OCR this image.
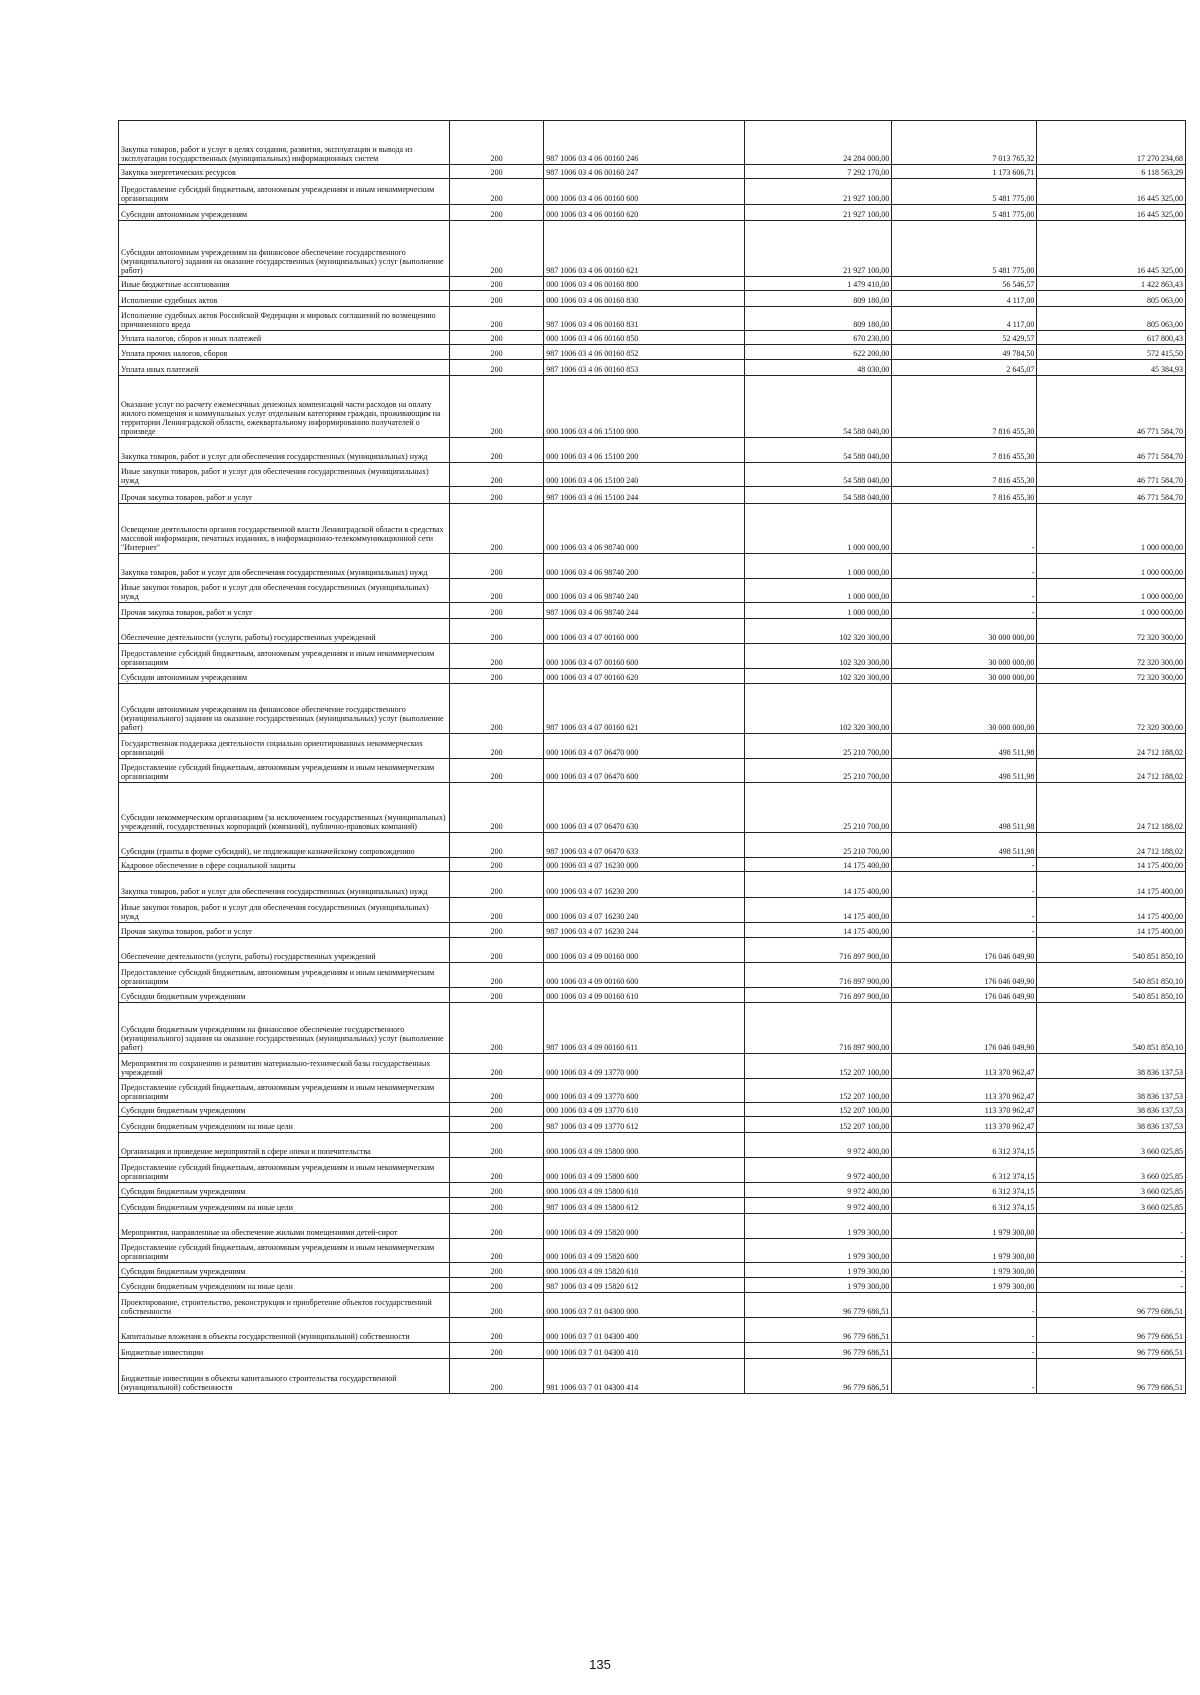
Закупка товаров, работ и услуг в целях создания, развития, эксплуатации и вывода из эксплуатации государственных (муниципальных) информационных систем	200	987 1006 03 4 06 00160 246	24 284 000,00	7 013 765,32	17 270 234,68
Закупка энергетических ресурсов	200	987 1006 03 4 06 00160 247	7 292 170,00	1 173 606,71	6 118 563,29
Предоставление субсидий бюджетным, автономным учреждениям и иным некоммерческим организациям	200	000 1006 03 4 06 00160 600	21 927 100,00	5 481 775,00	16 445 325,00
Субсидии автономным учреждениям	200	000 1006 03 4 06 00160 620	21 927 100,00	5 481 775,00	16 445 325,00
Субсидии автономным учреждениям на финансовое обеспечение государственного (муниципального) задания на оказание государственных (муниципальных) услуг (выполнение работ)	200	987 1006 03 4 06 00160 621	21 927 100,00	5 481 775,00	16 445 325,00
Иные бюджетные ассигнования	200	000 1006 03 4 06 00160 800	1 479 410,00	56 546,57	1 422 863,43
Исполнение судебных актов	200	000 1006 03 4 06 00160 830	809 180,00	4 117,00	805 063,00
Исполнение судебных актов Российской Федерации и мировых соглашений по возмещению причиненного вреда	200	987 1006 03 4 06 00160 831	809 180,00	4 117,00	805 063,00
Уплата налогов, сборов и иных платежей	200	000 1006 03 4 06 00160 850	670 230,00	52 429,57	617 800,43
Уплата прочих налогов, сборов	200	987 1006 03 4 06 00160 852	622 200,00	49 784,50	572 415,50
Уплата иных платежей	200	987 1006 03 4 06 00160 853	48 030,00	2 645,07	45 384,93
Оказание услуг по расчету ежемесячных денежных компенсаций части расходов на оплату жилого помещения и коммунальных услуг отдельным категориям граждан, проживающим на территории Ленинградской области, ежеквартальному информированию получателей о произведе	200	000 1006 03 4 06 15100 000	54 588 040,00	7 816 455,30	46 771 584,70
Закупка товаров, работ и услуг для обеспечения государственных (муниципальных) нужд	200	000 1006 03 4 06 15100 200	54 588 040,00	7 816 455,30	46 771 584,70
Иные закупки товаров, работ и услуг для обеспечения государственных (муниципальных) нужд	200	000 1006 03 4 06 15100 240	54 588 040,00	7 816 455,30	46 771 584,70
Прочая закупка товаров, работ и услуг	200	987 1006 03 4 06 15100 244	54 588 040,00	7 816 455,30	46 771 584,70
Освещение деятельности органов государственной власти Ленинградской области в средствах массовой информации, печатных изданиях, в информационно-телекоммуникационной сети "Интернет"	200	000 1006 03 4 06 98740 000	1 000 000,00	-	1 000 000,00
Закупка товаров, работ и услуг для обеспечения государственных (муниципальных) нужд	200	000 1006 03 4 06 98740 200	1 000 000,00	-	1 000 000,00
Иные закупки товаров, работ и услуг для обеспечения государственных (муниципальных) нужд	200	000 1006 03 4 06 98740 240	1 000 000,00	-	1 000 000,00
Прочая закупка товаров, работ и услуг	200	987 1006 03 4 06 98740 244	1 000 000,00	-	1 000 000,00
Обеспечение деятельности (услуги, работы) государственных учреждений	200	000 1006 03 4 07 00160 000	102 320 300,00	30 000 000,00	72 320 300,00
Предоставление субсидий бюджетным, автономным учреждениям и иным некоммерческим организациям	200	000 1006 03 4 07 00160 600	102 320 300,00	30 000 000,00	72 320 300,00
Субсидии автономным учреждениям	200	000 1006 03 4 07 00160 620	102 320 300,00	30 000 000,00	72 320 300,00
Субсидии автономным учреждениям на финансовое обеспечение государственного (муниципального) задания на оказание государственных (муниципальных) услуг (выполнение работ)	200	987 1006 03 4 07 00160 621	102 320 300,00	30 000 000,00	72 320 300,00
Государственная поддержка деятельности социально ориентированных некоммерческих организаций	200	000 1006 03 4 07 06470 000	25 210 700,00	498 511,98	24 712 188,02
Предоставление субсидий бюджетным, автономным учреждениям и иным некоммерческим организациям	200	000 1006 03 4 07 06470 600	25 210 700,00	498 511,98	24 712 188,02
Субсидии некоммерческим организациям (за исключением государственных (муниципальных) учреждений, государственных корпораций (компаний), публично-правовых компаний)	200	000 1006 03 4 07 06470 630	25 210 700,00	498 511,98	24 712 188,02
Субсидии (гранты в форме субсидий), не подлежащие казначейскому сопровождению	200	987 1006 03 4 07 06470 633	25 210 700,00	498 511,98	24 712 188,02
Кадровое обеспечение в сфере социальной защиты	200	000 1006 03 4 07 16230 000	14 175 400,00	-	14 175 400,00
Закупка товаров, работ и услуг для обеспечения государственных (муниципальных) нужд	200	000 1006 03 4 07 16230 200	14 175 400,00	-	14 175 400,00
Иные закупки товаров, работ и услуг для обеспечения государственных (муниципальных) нужд	200	000 1006 03 4 07 16230 240	14 175 400,00	-	14 175 400,00
Прочая закупка товаров, работ и услуг	200	987 1006 03 4 07 16230 244	14 175 400,00	-	14 175 400,00
Обеспечение деятельности (услуги, работы) государственных учреждений	200	000 1006 03 4 09 00160 000	716 897 900,00	176 046 049,90	540 851 850,10
Предоставление субсидий бюджетным, автономным учреждениям и иным некоммерческим организациям	200	000 1006 03 4 09 00160 600	716 897 900,00	176 046 049,90	540 851 850,10
Субсидии бюджетным учреждениям	200	000 1006 03 4 09 00160 610	716 897 900,00	176 046 049,90	540 851 850,10
Субсидии бюджетным учреждениям на финансовое обеспечение государственного (муниципального) задания на оказание государственных (муниципальных) услуг (выполнение работ)	200	987 1006 03 4 09 00160 611	716 897 900,00	176 046 049,90	540 851 850,10
Мероприятия по сохранению и развитию материально-технической базы государственных учреждений	200	000 1006 03 4 09 13770 000	152 207 100,00	113 370 962,47	38 836 137,53
Предоставление субсидий бюджетным, автономным учреждениям и иным некоммерческим организациям	200	000 1006 03 4 09 13770 600	152 207 100,00	113 370 962,47	38 836 137,53
Субсидии бюджетным учреждениям	200	000 1006 03 4 09 13770 610	152 207 100,00	113 370 962,47	38 836 137,53
Субсидии бюджетным учреждениям на иные цели	200	987 1006 03 4 09 13770 612	152 207 100,00	113 370 962,47	38 836 137,53
Организация и проведение мероприятий в сфере опеки и попечительства	200	000 1006 03 4 09 15800 000	9 972 400,00	6 312 374,15	3 660 025,85
Предоставление субсидий бюджетным, автономным учреждениям и иным некоммерческим организациям	200	000 1006 03 4 09 15800 600	9 972 400,00	6 312 374,15	3 660 025,85
Субсидии бюджетным учреждениям	200	000 1006 03 4 09 15800 610	9 972 400,00	6 312 374,15	3 660 025,85
Субсидии бюджетным учреждениям на иные цели	200	987 1006 03 4 09 15800 612	9 972 400,00	6 312 374,15	3 660 025,85
Мероприятия, направленные на обеспечение жилыми помещениями детей-сирот	200	000 1006 03 4 09 15820 000	1 979 300,00	1 979 300,00	-
Предоставление субсидий бюджетным, автономным учреждениям и иным некоммерческим организациям	200	000 1006 03 4 09 15820 600	1 979 300,00	1 979 300,00	-
Субсидии бюджетным учреждениям	200	000 1006 03 4 09 15820 610	1 979 300,00	1 979 300,00	-
Субсидии бюджетным учреждениям на иные цели	200	987 1006 03 4 09 15820 612	1 979 300,00	1 979 300,00	-
Проектирование, строительство, реконструкция и приобретение объектов государственной собственности	200	000 1006 03 7 01 04300 000	96 779 686,51	-	96 779 686,51
Капитальные вложения в объекты государственной (муниципальной) собственности	200	000 1006 03 7 01 04300 400	96 779 686,51	-	96 779 686,51
Бюджетные инвестиции	200	000 1006 03 7 01 04300 410	96 779 686,51	-	96 779 686,51
Бюджетные инвестиции в объекты капитального строительства государственной (муниципальной) собственности	200	981 1006 03 7 01 04300 414	96 779 686,51	-	96 779 686,51
135
